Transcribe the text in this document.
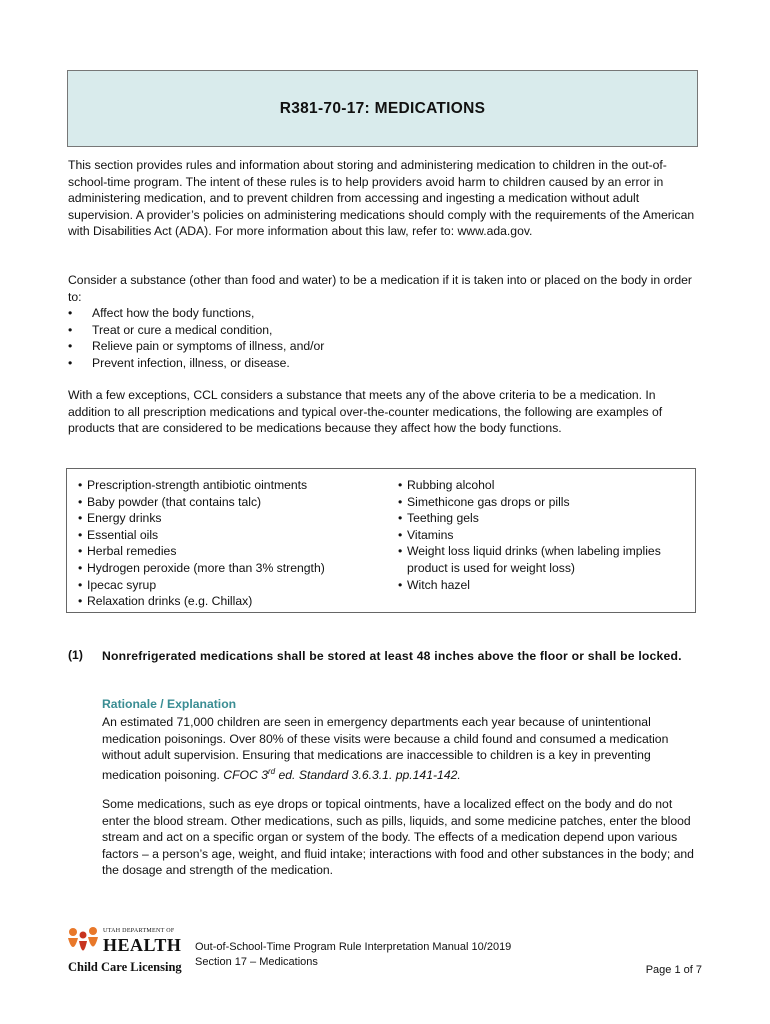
R381-70-17: MEDICATIONS

This section provides rules and information about storing and administering medication to children in the out-of-school-time program. The intent of these rules is to help providers avoid harm to children caused by an error in administering medication, and to prevent children from accessing and ingesting a medication without adult supervision. A provider’s policies on administering medications should comply with the requirements of the American with Disabilities Act (ADA). For more information about this law, refer to: www.ada.gov.

Consider a substance (other than food and water) to be a medication if it is taken into or placed on the body in order to:
• Affect how the body functions,
• Treat or cure a medical condition,
• Relieve pain or symptoms of illness, and/or
• Prevent infection, illness, or disease.

With a few exceptions, CCL considers a substance that meets any of the above criteria to be a medication. In addition to all prescription medications and typical over-the-counter medications, the following are examples of products that are considered to be medications because they affect how the body functions.

• Prescription-strength antibiotic ointments
• Baby powder (that contains talc)
• Energy drinks
• Essential oils
• Herbal remedies
• Hydrogen peroxide (more than 3% strength)
• Ipecac syrup
• Relaxation drinks (e.g. Chillax)
• Rubbing alcohol
• Simethicone gas drops or pills
• Teething gels
• Vitamins
• Weight loss liquid drinks (when labeling implies product is used for weight loss)
• Witch hazel
(1) Nonrefrigerated medications shall be stored at least 48 inches above the floor or shall be locked.

Rationale / Explanation

An estimated 71,000 children are seen in emergency departments each year because of unintentional medication poisonings. Over 80% of these visits were because a child found and consumed a medication without adult supervision. Ensuring that medications are inaccessible to children is a key in preventing medication poisoning. CFOC 3rd ed. Standard 3.6.3.1. pp.141-142.

Some medications, such as eye drops or topical ointments, have a localized effect on the body and do not enter the blood stream. Other medications, such as pills, liquids, and some medicine patches, enter the blood stream and act on a specific organ or system of the body. The effects of a medication depend upon various factors – a person’s age, weight, and fluid intake; interactions with food and other substances in the body; and the dosage and strength of the medication.

UTAH DEPARTMENT OF
HEALTH
Child Care Licensing
Out-of-School-Time Program Rule Interpretation Manual 10/2019
Section 17 – Medications
Page 1 of 7
